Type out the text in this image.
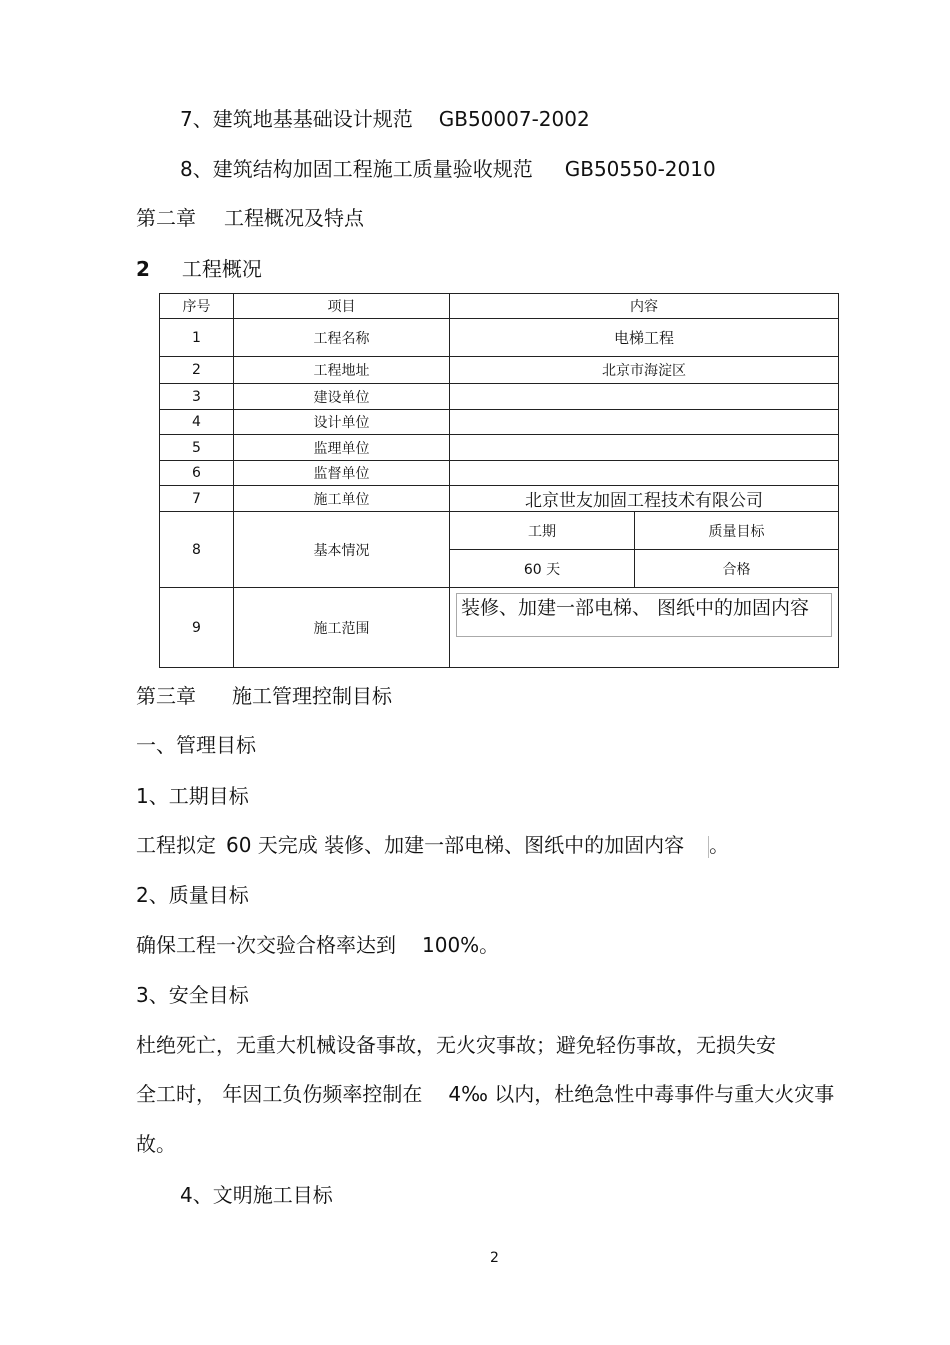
7、建筑地基基础设计规范 GB50007-2002
8、建筑结构加固工程施工质量验收规范 GB50550-2010
第二章 工程概况及特点
2 工程概况
序号	项目	内容	
1	工程名称	电梯工程	
2	工程地址	北京市海淀区	
3	建设单位		
4	设计单位		
5	监理单位		
6	监督单位		
7	施工单位	北京世友加固工程技术有限公司	
8	基本情况	工期	质量目标
		60 天	合格
9	施工范围	装修、加建一部电梯、 图纸中的加固内容	
第三章 施工管理控制目标
一、管理目标
1、工期目标
工程拟定 60 天完成 装修、加建一部电梯、图纸中的加固内容 。
2、质量目标
确保工程一次交验合格率达到 100%。
3、安全目标
杜绝死亡，无重大机械设备事故，无火灾事故；避免轻伤事故，无损失安
全工时， 年因工负伤频率控制在 4‰ 以内，杜绝急性中毒事件与重大火灾事
故。
4、文明施工目标
2
